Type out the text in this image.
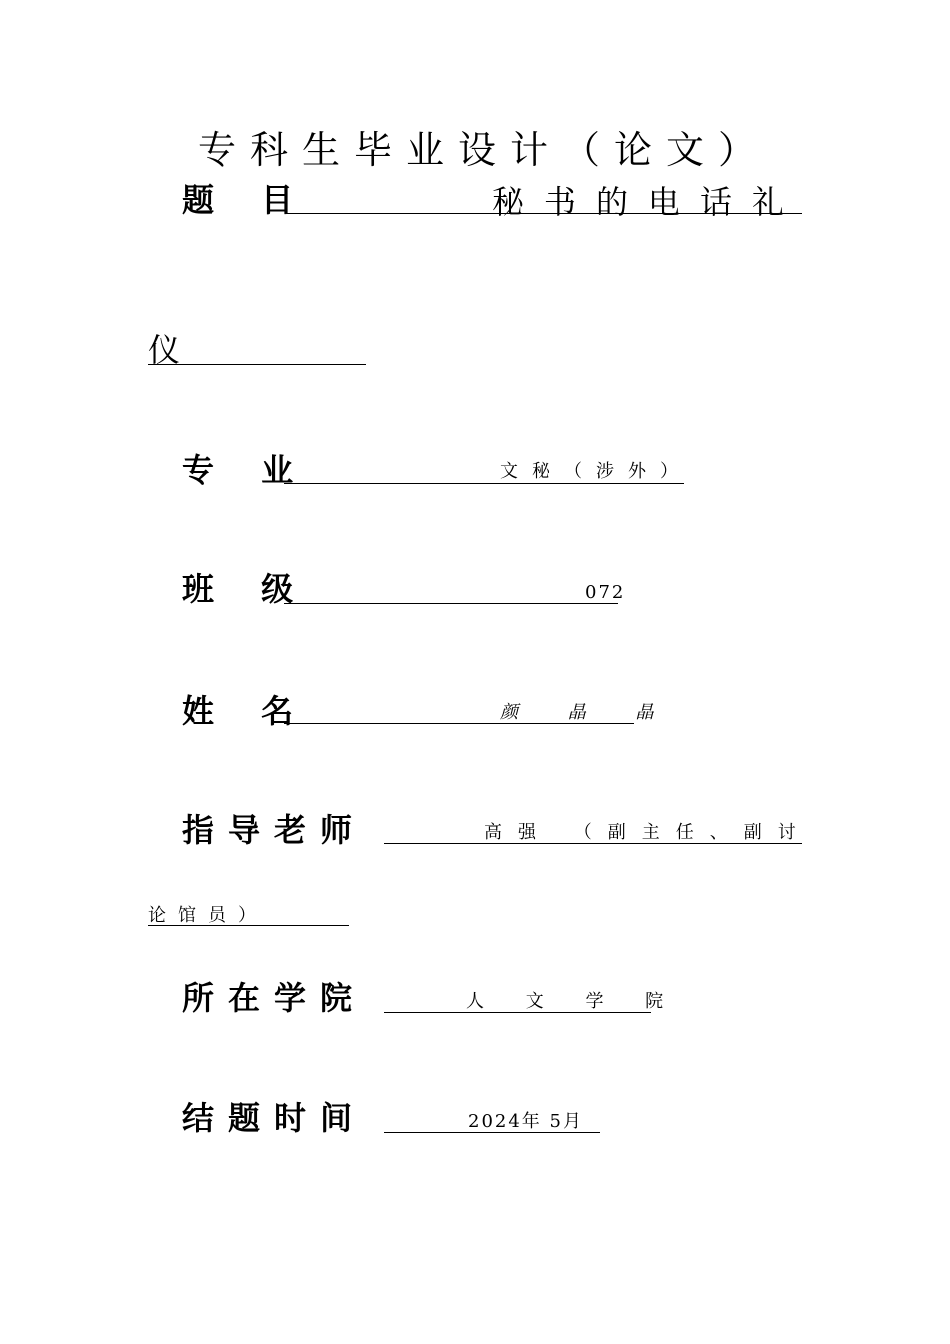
专科生毕业设计（论文）
题 目	秘书的电话礼
仪
专 业	文秘（涉外）
班 级	072
姓 名	颜 晶 晶
指导老师	高强 （副主任、副讨
论馆员）
所在学院	人 文 学 院
结题时间	2024年 5月
